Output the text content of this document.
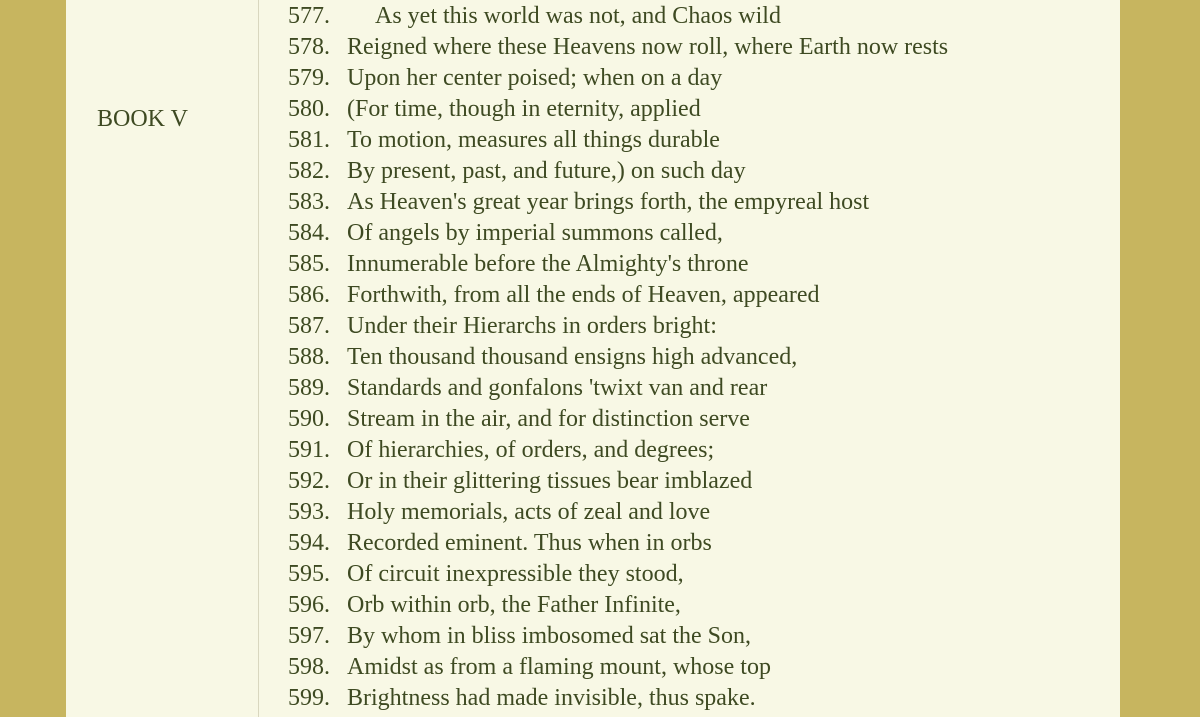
BOOK V
577. As yet this world was not, and Chaos wild
578. Reigned where these Heavens now roll, where Earth now rests
579. Upon her center poised; when on a day
580. (For time, though in eternity, applied
581. To motion, measures all things durable
582. By present, past, and future,) on such day
583. As Heaven's great year brings forth, the empyreal host
584. Of angels by imperial summons called,
585. Innumerable before the Almighty's throne
586. Forthwith, from all the ends of Heaven, appeared
587. Under their Hierarchs in orders bright:
588. Ten thousand thousand ensigns high advanced,
589. Standards and gonfalons 'twixt van and rear
590. Stream in the air, and for distinction serve
591. Of hierarchies, of orders, and degrees;
592. Or in their glittering tissues bear imblazed
593. Holy memorials, acts of zeal and love
594. Recorded eminent. Thus when in orbs
595. Of circuit inexpressible they stood,
596. Orb within orb, the Father Infinite,
597. By whom in bliss imbosomed sat the Son,
598. Amidst as from a flaming mount, whose top
599. Brightness had made invisible, thus spake.
